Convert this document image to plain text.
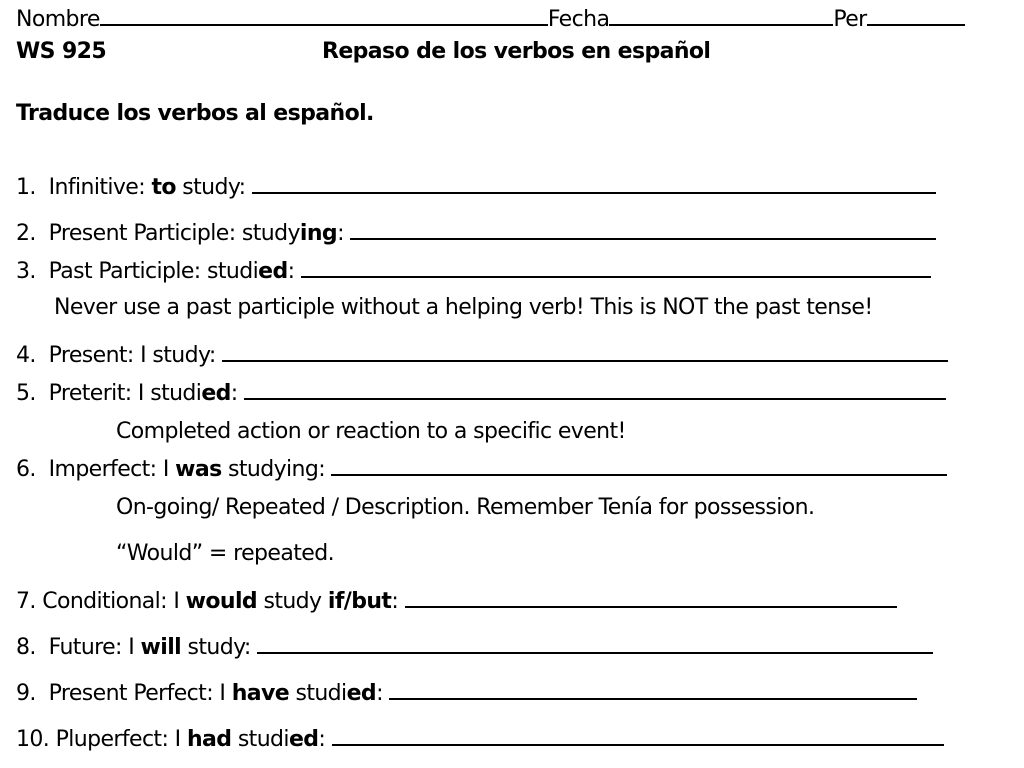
Nombre	Fecha	Per
WS 925	Repaso de los verbos en español
Traduce los verbos al español.
1. Infinitive: to study:
2. Present Participle: studying:
3. Past Participle: studied:
Never use a past participle without a helping verb! This is NOT the past tense!
4. Present: I study:
5. Preterit: I studied:
Completed action or reaction to a specific event!
6. Imperfect: I was studying:
On-going/ Repeated / Description. Remember Tenía for possession.
“Would” = repeated.
7. Conditional: I would study if/but:
8. Future: I will study:
9. Present Perfect: I have studied:
10. Pluperfect: I had studied:
